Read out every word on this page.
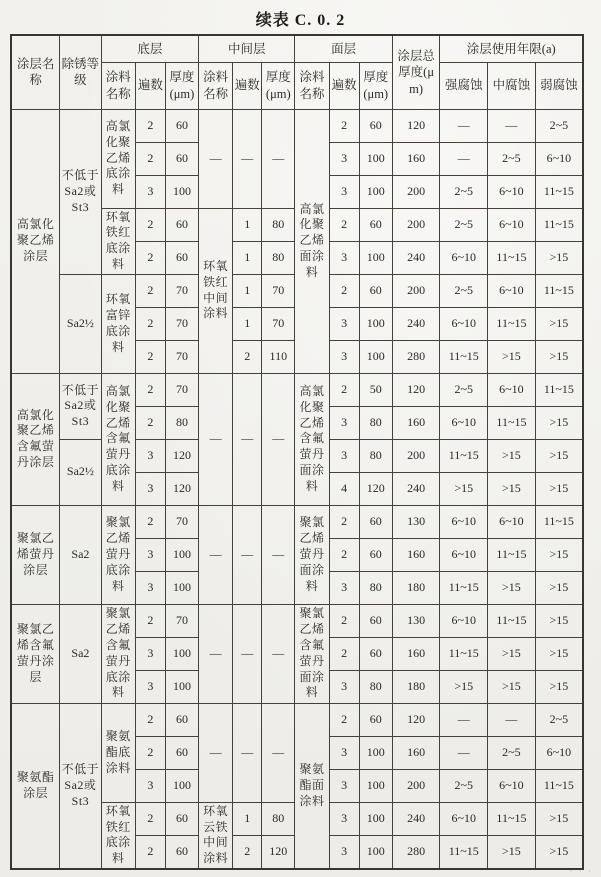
续表 C. 0. 2
涂层名称	除锈等级	底层			中间层			面层			涂层总厚度(μm)	涂层使用年限(a)		
		涂料名称	遍数	厚度(μm)	涂料名称	遍数	厚度(μm)	涂料名称	遍数	厚度(μm)		强腐蚀	中腐蚀	弱腐蚀
高氯化聚乙烯涂层	不低于Sa2或St3	高氯化聚乙烯底涂料	2	60	—	—	—	高氯化聚乙烯面涂料	2	60	120	—	—	2~5
			2	60					3	100	160	—	2~5	6~10
			3	100					3	100	200	2~5	6~10	11~15
		环氧铁红底涂料	2	60	环氧铁红中间涂料	1	80		2	60	200	2~5	6~10	11~15
			2	60		1	80		3	100	240	6~10	11~15	>15
	Sa2½	环氧富锌底涂料	2	70		1	70		2	60	200	2~5	6~10	11~15
			2	70		1	70		3	100	240	6~10	11~15	>15
			2	70		2	110		3	100	280	11~15	>15	>15
高氯化聚乙烯含氟萤丹涂层	不低于Sa2或St3	高氯化聚乙烯含氟萤丹底涂料	2	70	—	—	—	高氯化聚乙烯含氟萤丹面涂料	2	50	120	2~5	6~10	11~15
			2	80					3	80	160	6~10	11~15	>15
	Sa2½		3	120					3	80	200	11~15	>15	>15
			3	120					4	120	240	>15	>15	>15
聚氯乙烯萤丹涂层	Sa2	聚氯乙烯萤丹底涂料	2	70	—	—	—	聚氯乙烯萤丹面涂料	2	60	130	6~10	6~10	11~15
			3	100					2	60	160	6~10	11~15	>15
			3	100					3	80	180	11~15	>15	>15
聚氯乙烯含氟萤丹涂层	Sa2	聚氯乙烯含氟萤丹底涂料	2	70	—	—	—	聚氯乙烯含氟萤丹面涂料	2	60	130	6~10	11~15	>15
			3	100					2	60	160	11~15	>15	>15
			3	100					3	80	180	>15	>15	>15
聚氨酯涂层	不低于Sa2或St3	聚氨酯底涂料	2	60	—	—	—	聚氨酯面涂料	2	60	120	—	—	2~5
			2	60					3	100	160	—	2~5	6~10
			3	100					3	100	200	2~5	6~10	11~15
		环氧铁红底涂料	2	60	环氧云铁中间涂料	1	80		3	100	240	6~10	11~15	>15
			2	60		2	120		3	100	280	11~15	>15	>15
· · ·
